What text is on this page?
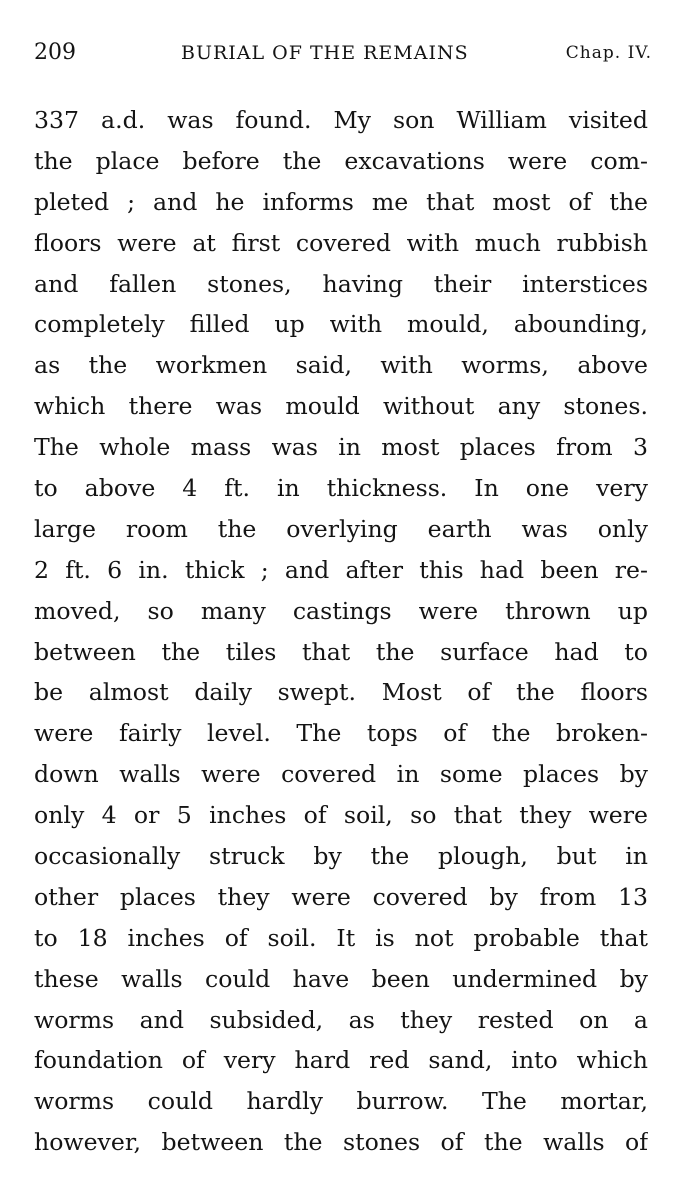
209	BURIAL OF THE REMAINS	Chap. IV.
337 a.d. was found. My son William visited
the place before the excavations were com-
pleted ; and he informs me that most of the
floors were at first covered with much rubbish
and fallen stones, having their interstices
completely filled up with mould, abounding,
as the workmen said, with worms, above
which there was mould without any stones.
The whole mass was in most places from 3
to above 4 ft. in thickness. In one very
large room the overlying earth was only
2 ft. 6 in. thick ; and after this had been re-
moved, so many castings were thrown up
between the tiles that the surface had to
be almost daily swept. Most of the floors
were fairly level. The tops of the broken-
down walls were covered in some places by
only 4 or 5 inches of soil, so that they were
occasionally struck by the plough, but in
other places they were covered by from 13
to 18 inches of soil. It is not probable that
these walls could have been undermined by
worms and subsided, as they rested on a
foundation of very hard red sand, into which
worms could hardly burrow. The mortar,
however, between the stones of the walls of
